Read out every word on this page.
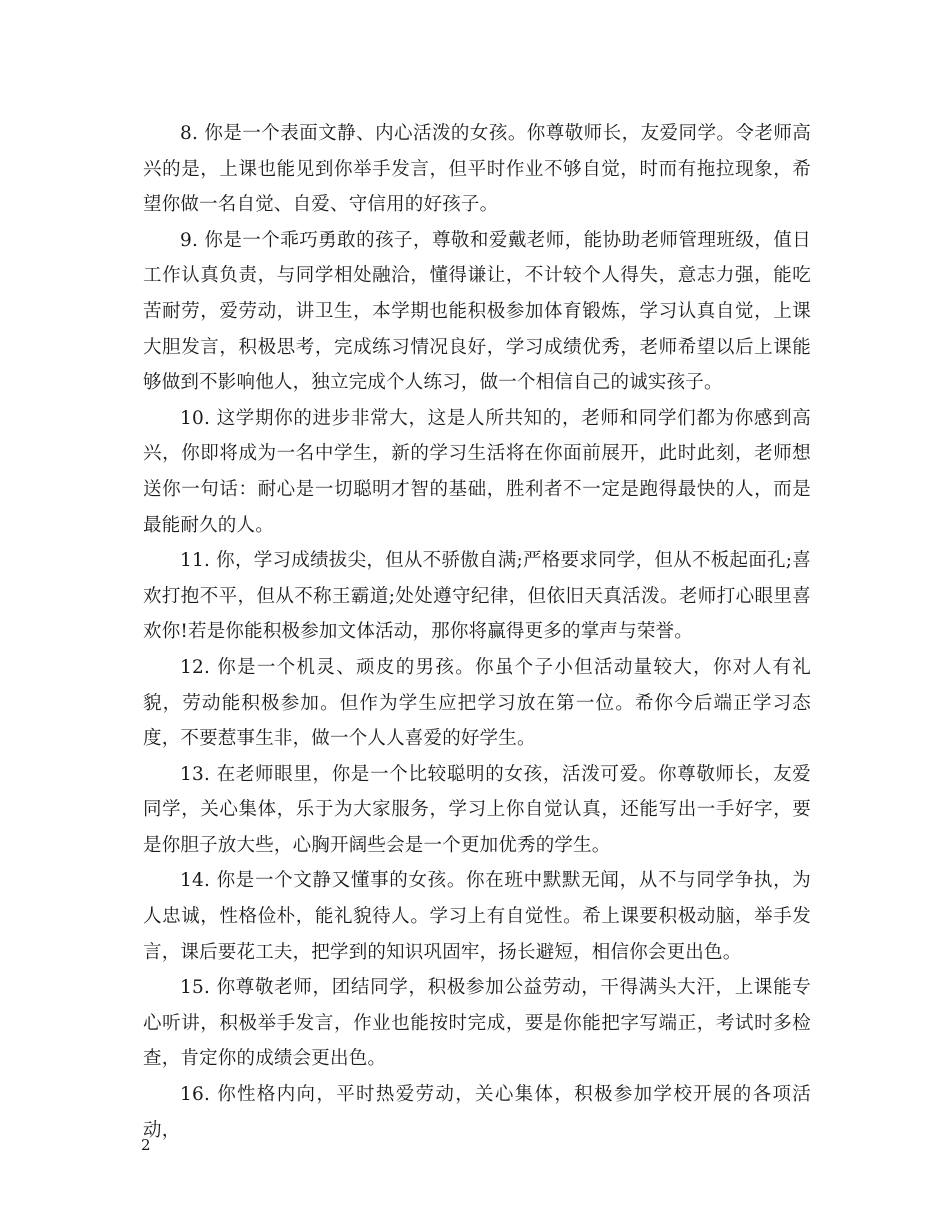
8. 你是一个表面文静、内心活泼的女孩。你尊敬师长，友爱同学。令老师高兴的是，上课也能见到你举手发言，但平时作业不够自觉，时而有拖拉现象，希望你做一名自觉、自爱、守信用的好孩子。

9. 你是一个乖巧勇敢的孩子，尊敬和爱戴老师，能协助老师管理班级，值日工作认真负责，与同学相处融洽，懂得谦让，不计较个人得失，意志力强，能吃苦耐劳，爱劳动，讲卫生，本学期也能积极参加体育锻炼，学习认真自觉，上课大胆发言，积极思考，完成练习情况良好，学习成绩优秀，老师希望以后上课能够做到不影响他人，独立完成个人练习，做一个相信自己的诚实孩子。

10. 这学期你的进步非常大，这是人所共知的，老师和同学们都为你感到高兴，你即将成为一名中学生，新的学习生活将在你面前展开，此时此刻，老师想送你一句话：耐心是一切聪明才智的基础，胜利者不一定是跑得最快的人，而是最能耐久的人。

11. 你，学习成绩拔尖，但从不骄傲自满;严格要求同学，但从不板起面孔;喜欢打抱不平，但从不称王霸道;处处遵守纪律，但依旧天真活泼。老师打心眼里喜欢你!若是你能积极参加文体活动，那你将赢得更多的掌声与荣誉。

12. 你是一个机灵、顽皮的男孩。你虽个子小但活动量较大，你对人有礼貌，劳动能积极参加。但作为学生应把学习放在第一位。希你今后端正学习态度，不要惹事生非，做一个人人喜爱的好学生。

13. 在老师眼里，你是一个比较聪明的女孩，活泼可爱。你尊敬师长，友爱同学，关心集体，乐于为大家服务，学习上你自觉认真，还能写出一手好字，要是你胆子放大些，心胸开阔些会是一个更加优秀的学生。

14. 你是一个文静又懂事的女孩。你在班中默默无闻，从不与同学争执，为人忠诚，性格俭朴，能礼貌待人。学习上有自觉性。希上课要积极动脑，举手发言，课后要花工夫，把学到的知识巩固牢，扬长避短，相信你会更出色。

15. 你尊敬老师，团结同学，积极参加公益劳动，干得满头大汗，上课能专心听讲，积极举手发言，作业也能按时完成，要是你能把字写端正，考试时多检查，肯定你的成绩会更出色。

16. 你性格内向，平时热爱劳动，关心集体，积极参加学校开展的各项活动，

2
